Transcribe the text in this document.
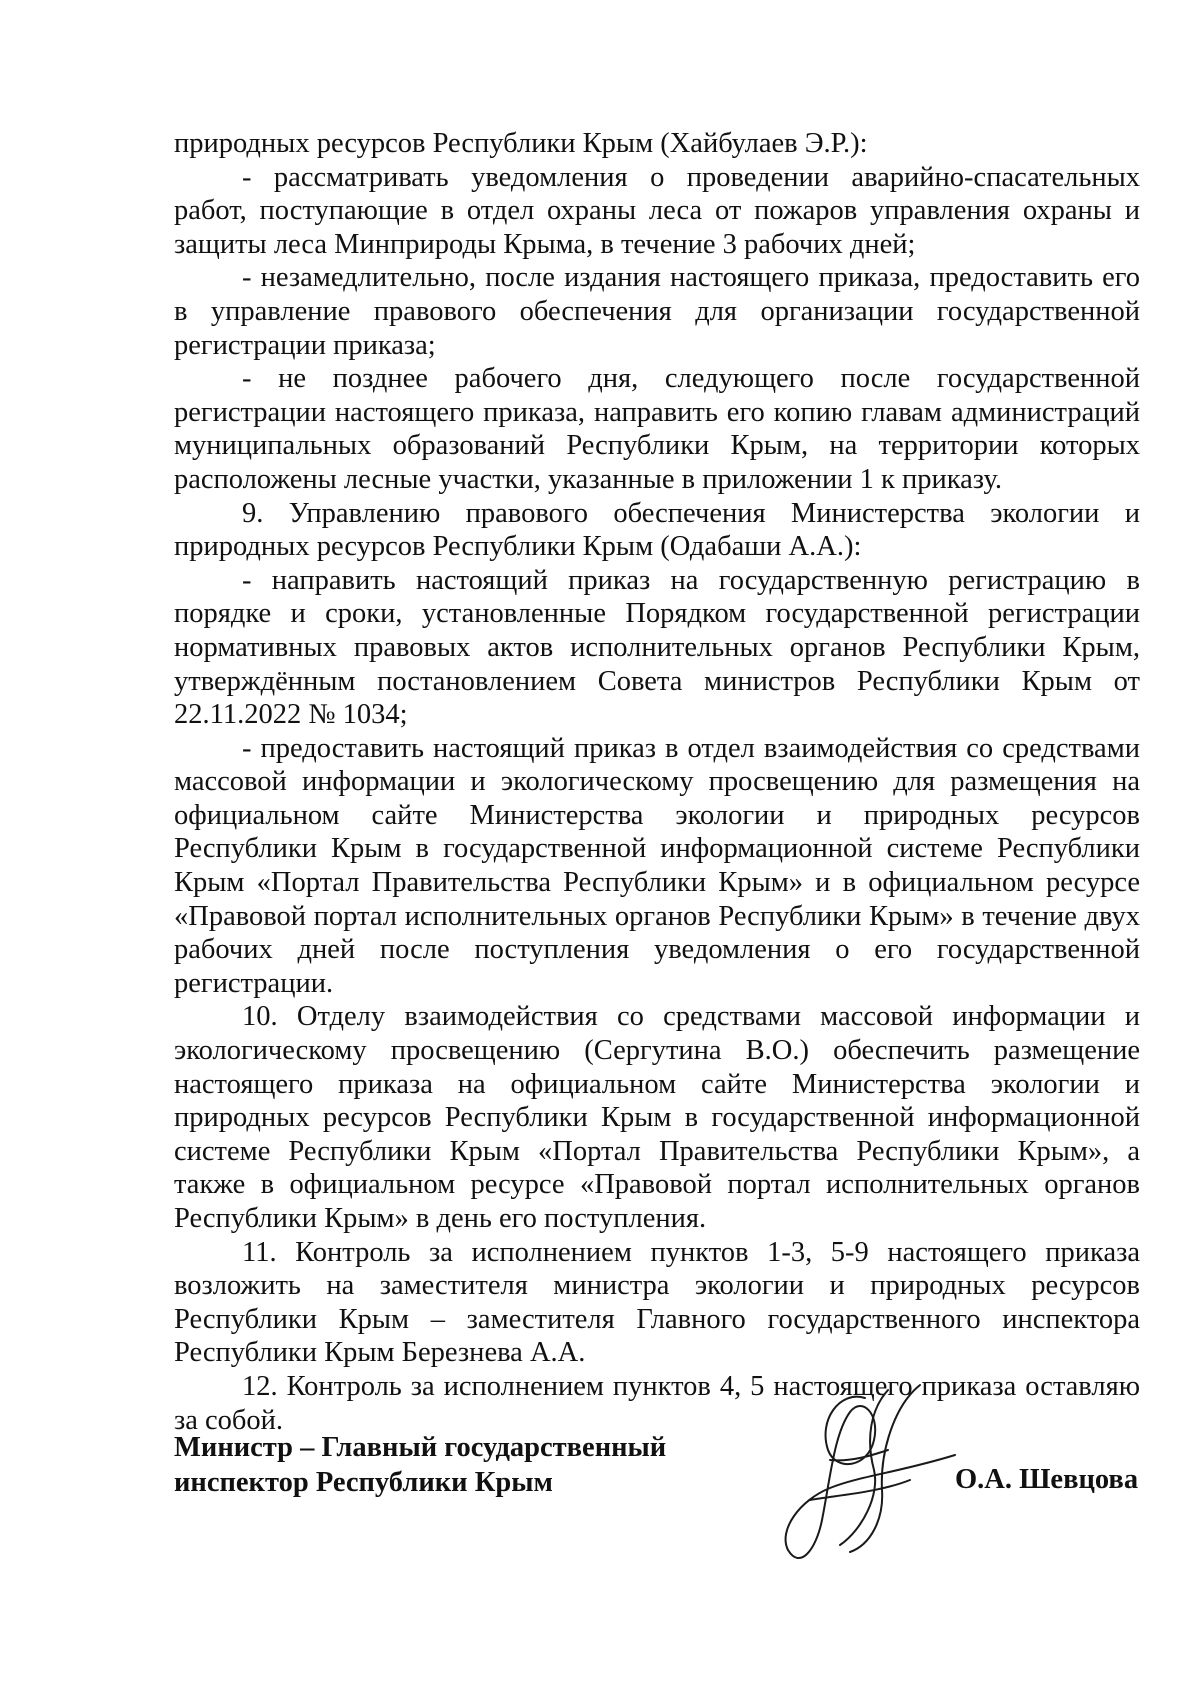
природных ресурсов Республики Крым (Хайбулаев Э.Р.):

- рассматривать уведомления о проведении аварийно-спасательных работ, поступающие в отдел охраны леса от пожаров управления охраны и защиты леса Минприроды Крыма, в течение 3 рабочих дней;

- незамедлительно, после издания настоящего приказа, предоставить его в управление правового обеспечения для организации государственной регистрации приказа;

- не позднее рабочего дня, следующего после государственной регистрации настоящего приказа, направить его копию главам администраций муниципальных образований Республики Крым, на территории которых расположены лесные участки, указанные в приложении 1 к приказу.

9. Управлению правового обеспечения Министерства экологии и природных ресурсов Республики Крым (Одабаши А.А.):

- направить настоящий приказ на государственную регистрацию в порядке и сроки, установленные Порядком государственной регистрации нормативных правовых актов исполнительных органов Республики Крым, утверждённым постановлением Совета министров Республики Крым от 22.11.2022 № 1034;

- предоставить настоящий приказ в отдел взаимодействия со средствами массовой информации и экологическому просвещению для размещения на официальном сайте Министерства экологии и природных ресурсов Республики Крым в государственной информационной системе Республики Крым «Портал Правительства Республики Крым» и в официальном ресурсе «Правовой портал исполнительных органов Республики Крым» в течение двух рабочих дней после поступления уведомления о его государственной регистрации.

10. Отделу взаимодействия со средствами массовой информации и экологическому просвещению (Сергутина В.О.) обеспечить размещение настоящего приказа на официальном сайте Министерства экологии и природных ресурсов Республики Крым в государственной информационной системе Республики Крым «Портал Правительства Республики Крым», а также в официальном ресурсе «Правовой портал исполнительных органов Республики Крым» в день его поступления.

11. Контроль за исполнением пунктов 1-3, 5-9 настоящего приказа возложить на заместителя министра экологии и природных ресурсов Республики Крым – заместителя Главного государственного инспектора Республики Крым Березнева А.А.

12. Контроль за исполнением пунктов 4, 5 настоящего приказа оставляю за собой.

Министр – Главный государственный
инспектор Республики Крым	О.А. Шевцова
